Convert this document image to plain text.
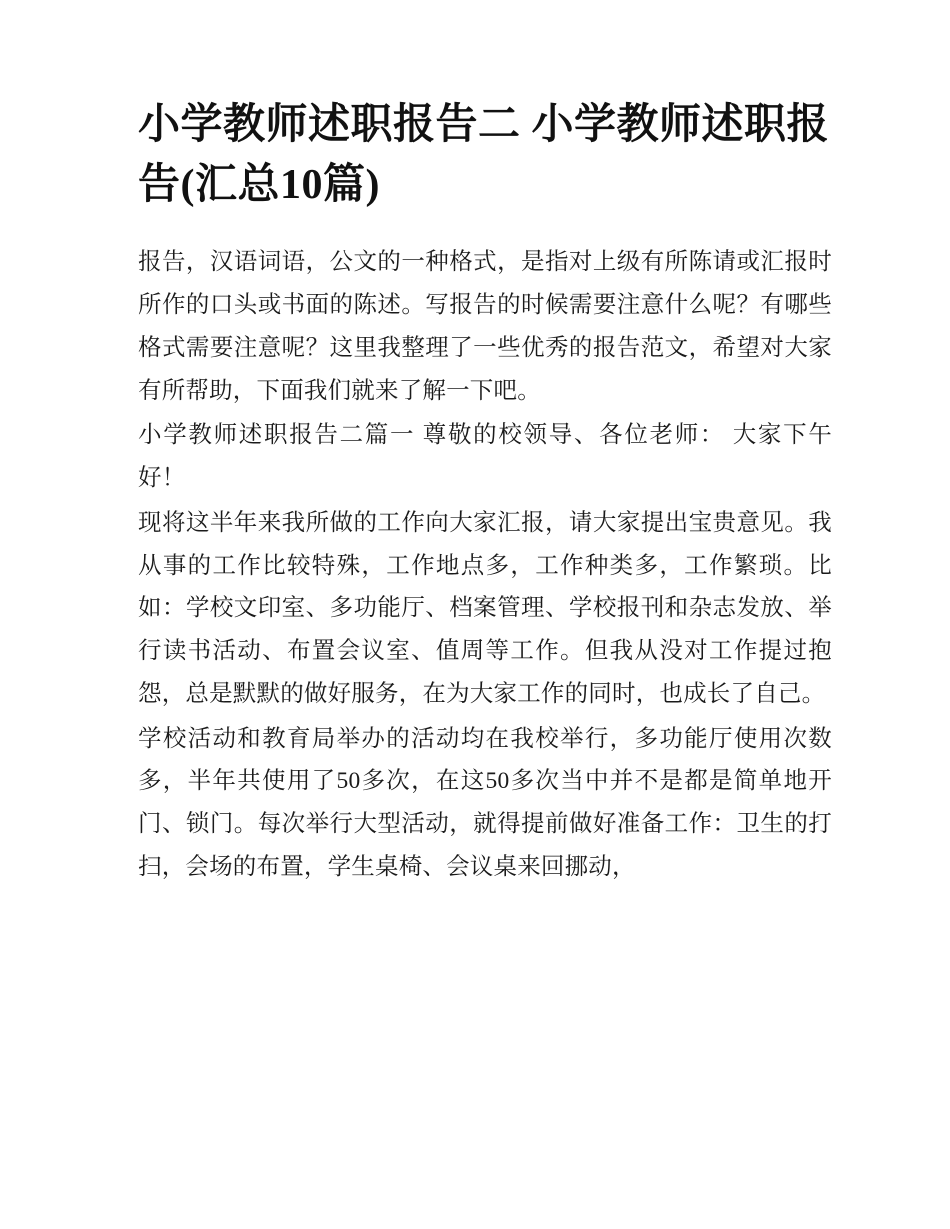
小学教师述职报告二 小学教师述职报告(汇总10篇)

报告，汉语词语，公文的一种格式，是指对上级有所陈请或汇报时所作的口头或书面的陈述。写报告的时候需要注意什么呢？有哪些格式需要注意呢？这里我整理了一些优秀的报告范文，希望对大家有所帮助，下面我们就来了解一下吧。

小学教师述职报告二篇一 尊敬的校领导、各位老师： 大家下午好！

现将这半年来我所做的工作向大家汇报，请大家提出宝贵意见。我从事的工作比较特殊，工作地点多，工作种类多，工作繁琐。比如：学校文印室、多功能厅、档案管理、学校报刊和杂志发放、举行读书活动、布置会议室、值周等工作。但我从没对工作提过抱怨，总是默默的做好服务，在为大家工作的同时，也成长了自己。

学校活动和教育局举办的活动均在我校举行，多功能厅使用次数多，半年共使用了50多次，在这50多次当中并不是都是简单地开门、锁门。每次举行大型活动，就得提前做好准备工作：卫生的打扫，会场的布置，学生桌椅、会议桌来回挪动，
